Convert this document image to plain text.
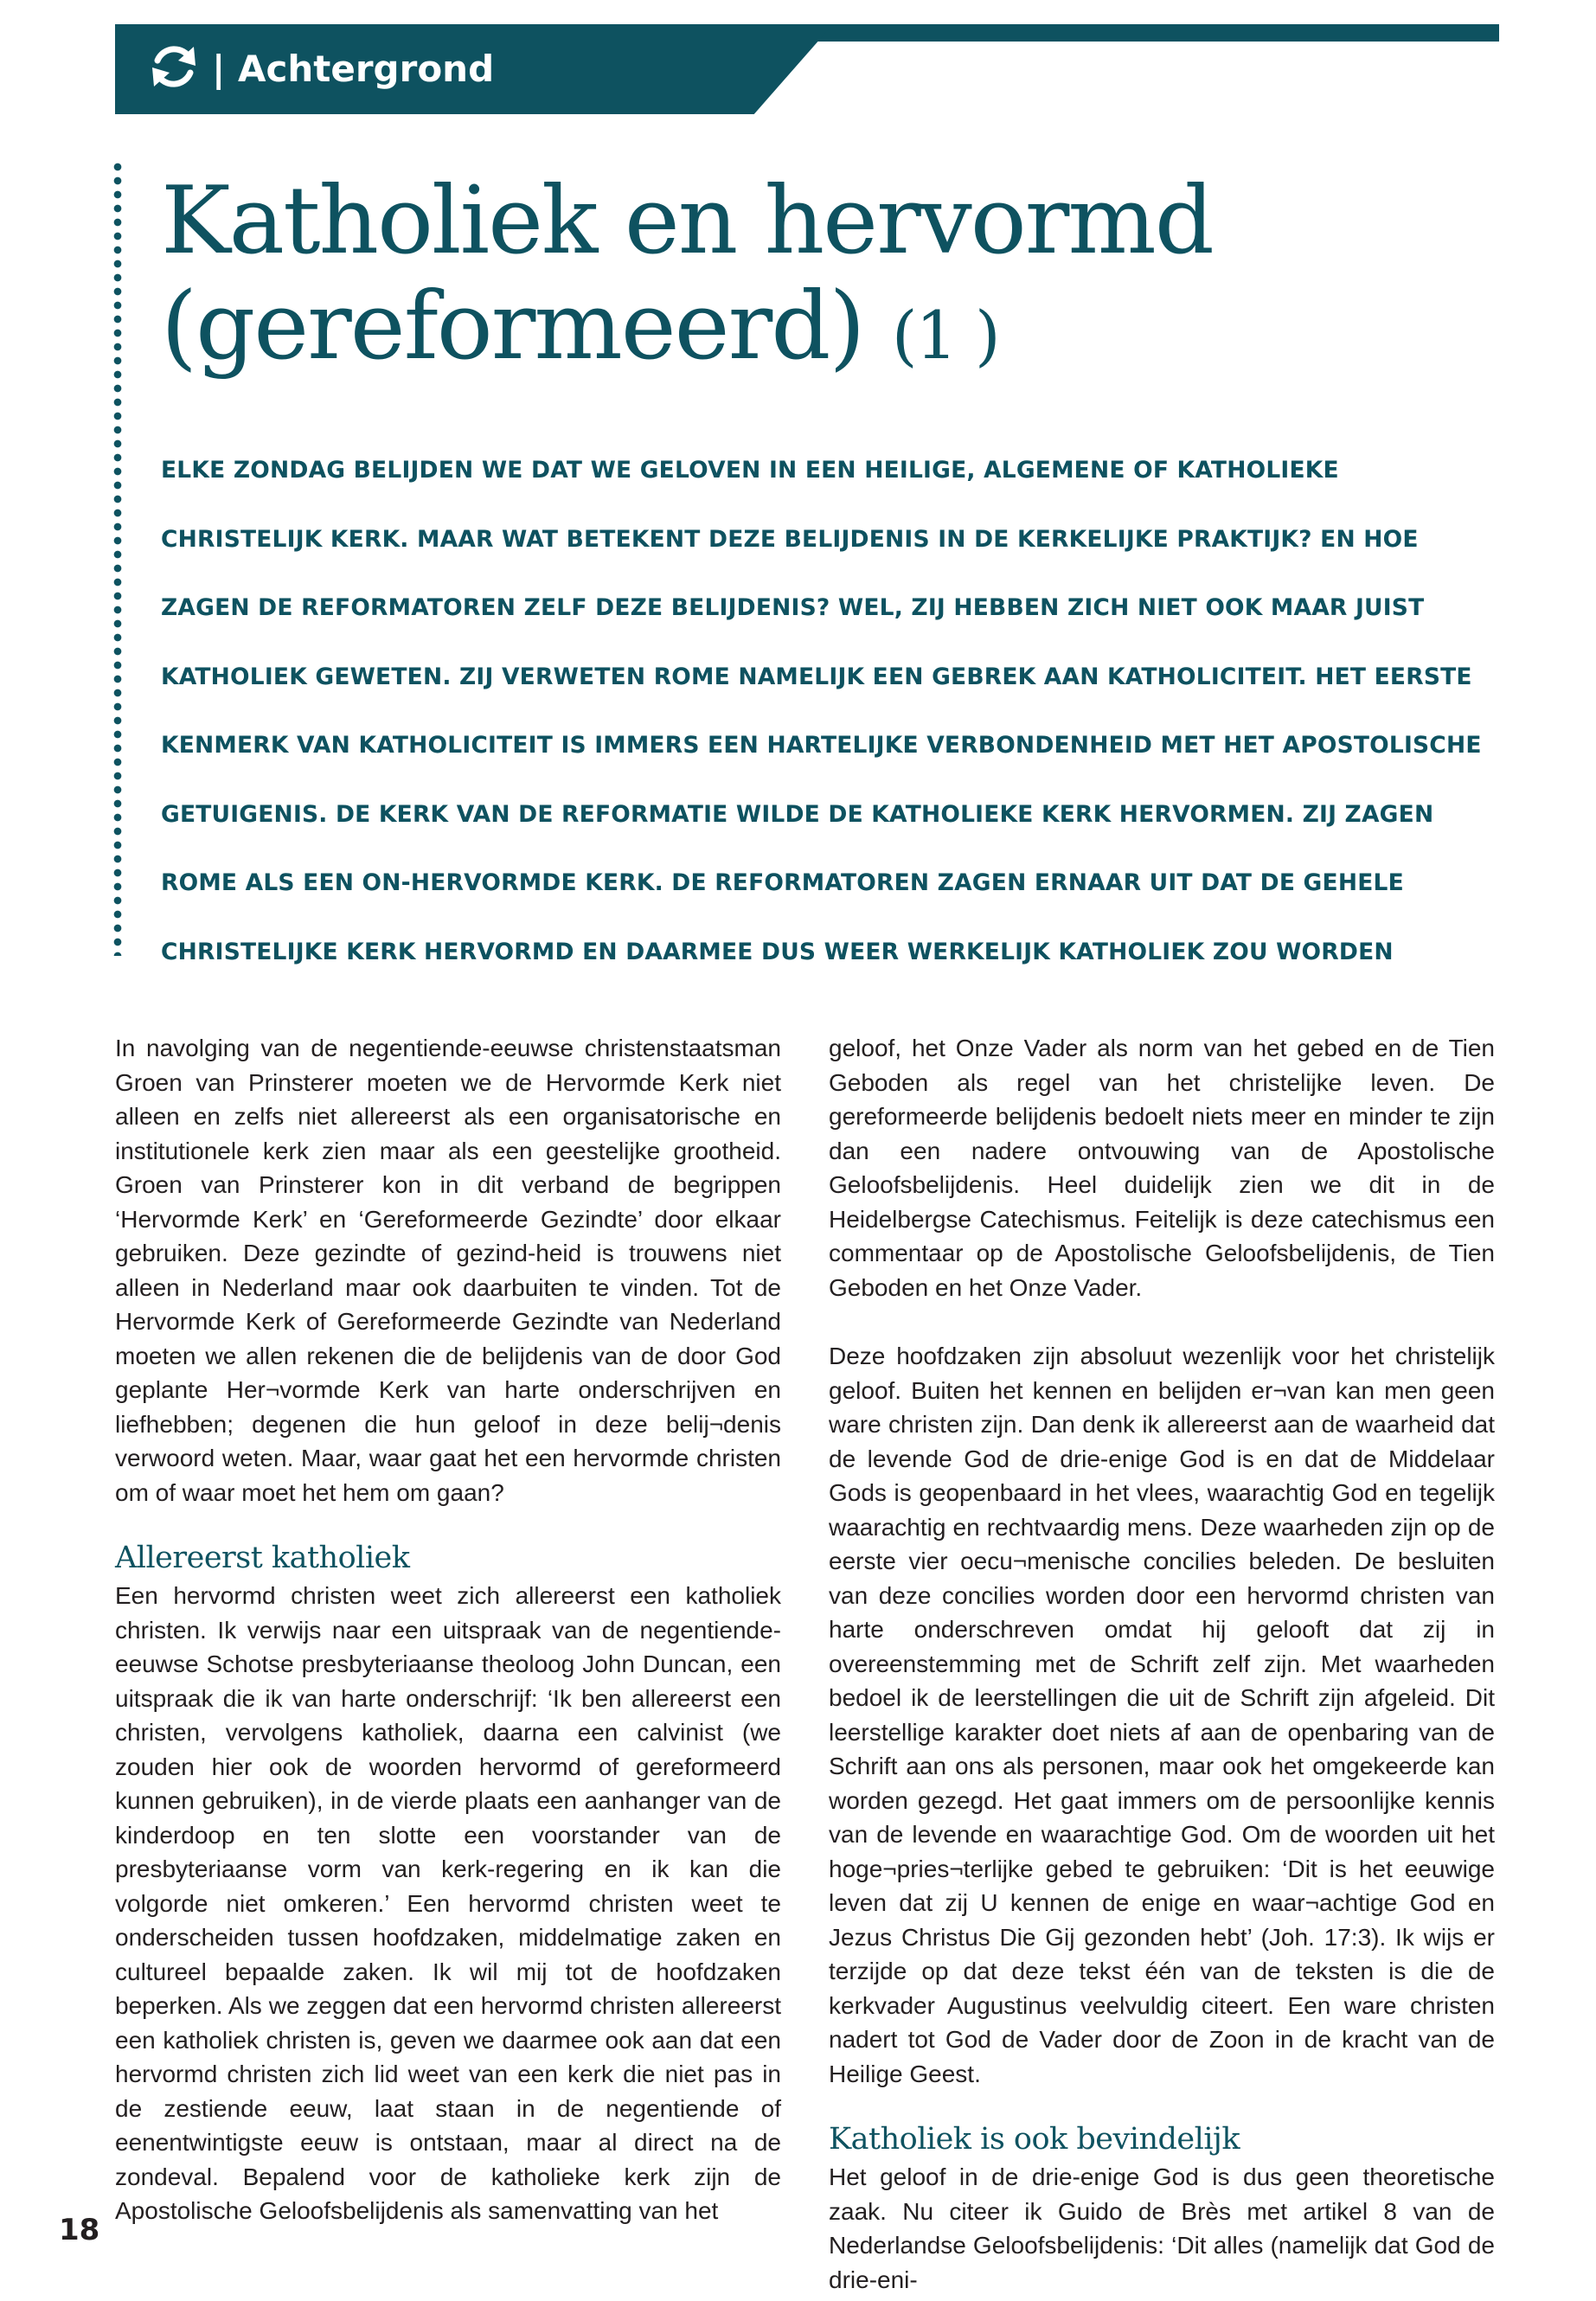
| Achtergrond
Katholiek en hervormd (gereformeerd) (1 )

ELKE ZONDAG BELIJDEN WE DAT WE GELOVEN IN EEN HEILIGE, ALGEMENE OF KATHOLIEKE CHRISTELIJK KERK. MAAR WAT BETEKENT DEZE BELIJDENIS IN DE KERKELIJKE PRAKTIJK? EN HOE ZAGEN DE REFORMATOREN ZELF DEZE BELIJDENIS? WEL, ZIJ HEBBEN ZICH NIET OOK MAAR JUIST KATHOLIEK GEWETEN. ZIJ VERWETEN ROME NAMELIJK EEN GEBREK AAN KATHOLICITEIT. HET EERSTE KENMERK VAN KATHOLICITEIT IS IMMERS EEN HARTELIJKE VERBONDENHEID MET HET APOSTOLISCHE GETUIGENIS. DE KERK VAN DE REFORMATIE WILDE DE KATHOLIEKE KERK HERVORMEN. ZIJ ZAGEN ROME ALS EEN ON-HERVORMDE KERK. DE REFORMATOREN ZAGEN ERNAAR UIT DAT DE GEHELE CHRISTELIJKE KERK HERVORMD EN DAARMEE DUS WEER WERKELIJK KATHOLIEK ZOU WORDEN

In navolging van de negentiende-eeuwse christenstaatsman Groen van Prinsterer moeten we de Hervormde Kerk niet alleen en zelfs niet allereerst als een organisatorische en institutionele kerk zien maar als een geestelijke grootheid. Groen van Prinsterer kon in dit verband de begrippen ‘Hervormde Kerk’ en ‘Gereformeerde Gezindte’ door elkaar gebruiken. Deze gezindte of gezind-heid is trouwens niet alleen in Nederland maar ook daarbuiten te vinden. Tot de Hervormde Kerk of Gereformeerde Gezindte van Nederland moeten we allen rekenen die de belijdenis van de door God geplante Her¬vormde Kerk van harte onderschrijven en liefhebben; degenen die hun geloof in deze belij¬denis verwoord weten. Maar, waar gaat het een hervormde christen om of waar moet het hem om gaan?

Allereerst katholiek

Een hervormd christen weet zich allereerst een katholiek christen. Ik verwijs naar een uitspraak van de negentiende-eeuwse Schotse presbyteriaanse theoloog John Duncan, een uitspraak die ik van harte onderschrijf: ‘Ik ben allereerst een christen, vervolgens katholiek, daarna een calvinist (we zouden hier ook de woorden hervormd of gereformeerd kunnen gebruiken), in de vierde plaats een aanhanger van de kinderdoop en ten slotte een voorstander van de presbyteriaanse vorm van kerk-regering en ik kan die volgorde niet omkeren.’ Een hervormd christen weet te onderscheiden tussen hoofdzaken, middelmatige zaken en cultureel bepaalde zaken. Ik wil mij tot de hoofdzaken beperken. Als we zeggen dat een hervormd christen allereerst een katholiek christen is, geven we daarmee ook aan dat een hervormd christen zich lid weet van een kerk die niet pas in de zestiende eeuw, laat staan in de negentiende of eenentwintigste eeuw is ontstaan, maar al direct na de zondeval. Bepalend voor de katholieke kerk zijn de Apostolische Geloofsbelijdenis als samenvatting van het

geloof, het Onze Vader als norm van het gebed en de Tien Geboden als regel van het christelijke leven. De gereformeerde belijdenis bedoelt niets meer en minder te zijn dan een nadere ontvouwing van de Apostolische Geloofsbelijdenis. Heel duidelijk zien we dit in de Heidelbergse Catechismus. Feitelijk is deze catechismus een commentaar op de Apostolische Geloofsbelijdenis, de Tien Geboden en het Onze Vader.

Deze hoofdzaken zijn absoluut wezenlijk voor het christelijk geloof. Buiten het kennen en belijden er¬van kan men geen ware christen zijn. Dan denk ik allereerst aan de waarheid dat de levende God de drie-enige God is en dat de Middelaar Gods is geopenbaard in het vlees, waarachtig God en tegelijk waarachtig en rechtvaardig mens. Deze waarheden zijn op de eerste vier oecu¬menische concilies beleden. De besluiten van deze concilies worden door een hervormd christen van harte onderschreven omdat hij gelooft dat zij in overeenstemming met de Schrift zelf zijn. Met waarheden bedoel ik de leerstellingen die uit de Schrift zijn afgeleid. Dit leerstellige karakter doet niets af aan de openbaring van de Schrift aan ons als personen, maar ook het omgekeerde kan worden gezegd. Het gaat immers om de persoonlijke kennis van de levende en waarachtige God. Om de woorden uit het hoge¬pries¬terlijke gebed te gebruiken: ‘Dit is het eeuwige leven dat zij U kennen de enige en waar¬achtige God en Jezus Christus Die Gij gezonden hebt’ (Joh. 17:3). Ik wijs er terzijde op dat deze tekst één van de teksten is die de kerkvader Augustinus veelvuldig citeert. Een ware christen nadert tot God de Vader door de Zoon in de kracht van de Heilige Geest.

Katholiek is ook bevindelijk

Het geloof in de drie-enige God is dus geen theoretische zaak. Nu citeer ik Guido de Brès met artikel 8 van de Nederlandse Geloofsbelijdenis: ‘Dit alles (namelijk dat God de drie-eni-

18
